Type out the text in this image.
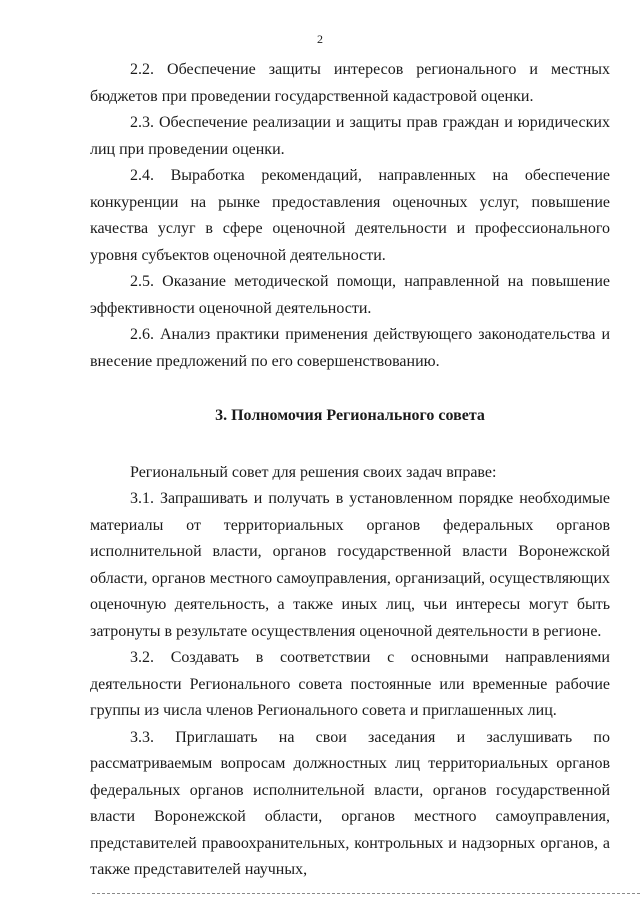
2

2.2. Обеспечение защиты интересов регионального и местных бюджетов при проведении государственной кадастровой оценки.

2.3. Обеспечение реализации и защиты прав граждан и юридических лиц при проведении оценки.

2.4. Выработка рекомендаций, направленных на обеспечение конкуренции на рынке предоставления оценочных услуг, повышение качества услуг в сфере оценочной деятельности и профессионального уровня субъектов оценочной деятельности.

2.5. Оказание методической помощи, направленной на повышение эффективности оценочной деятельности.

2.6. Анализ практики применения действующего законодательства и внесение предложений по его совершенствованию.

3. Полномочия Регионального совета

Региональный совет для решения своих задач вправе:

3.1. Запрашивать и получать в установленном порядке необходимые материалы от территориальных органов федеральных органов исполнительной власти, органов государственной власти Воронежской области, органов местного самоуправления, организаций, осуществляющих оценочную деятельность, а также иных лиц, чьи интересы могут быть затронуты в результате осуществления оценочной деятельности в регионе.

3.2. Создавать в соответствии с основными направлениями деятельности Регионального совета постоянные или временные рабочие группы из числа членов Регионального совета и приглашенных лиц.

3.3. Приглашать на свои заседания и заслушивать по рассматриваемым вопросам должностных лиц территориальных органов федеральных органов исполнительной власти, органов государственной власти Воронежской области, органов местного самоуправления, представителей правоохранительных, контрольных и надзорных органов, а также представителей научных,
